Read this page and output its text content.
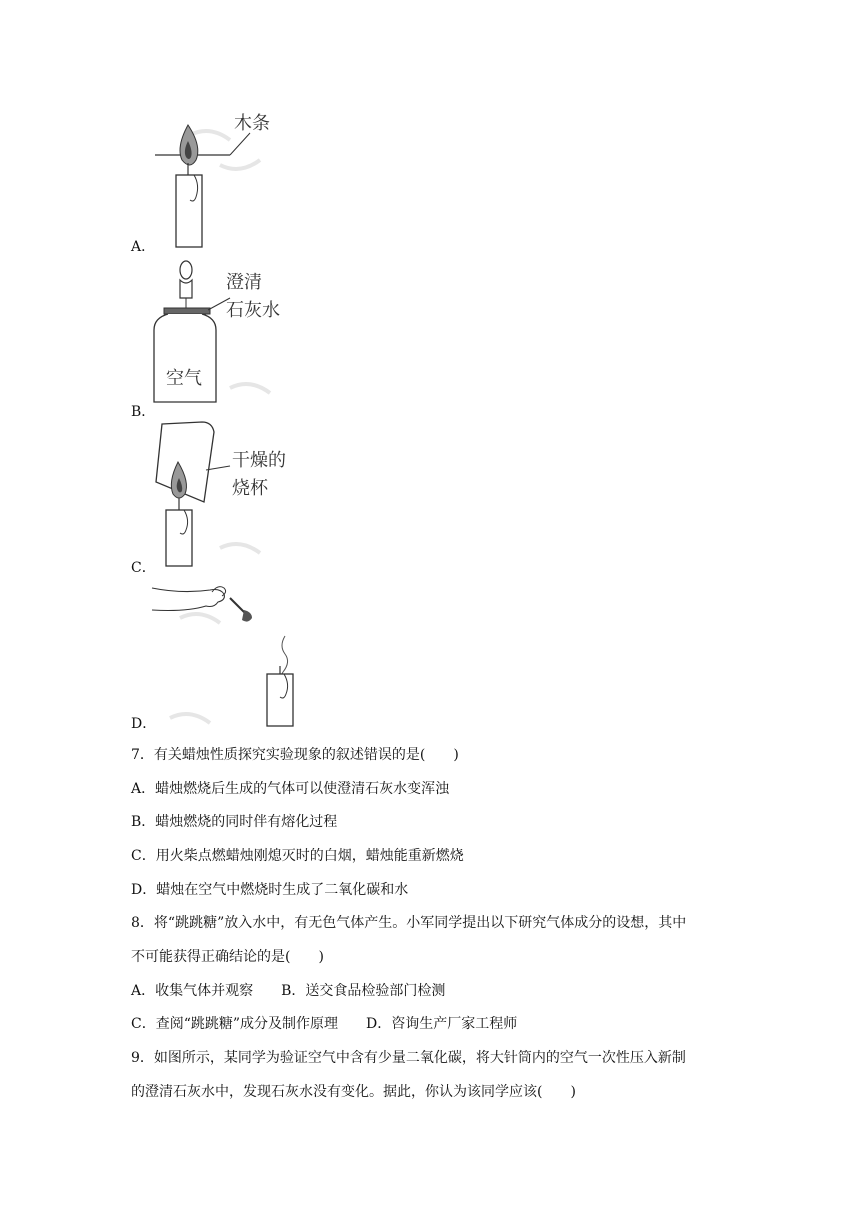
A．
木条
B．
澄清
石灰水
空气
C．
干燥的
烧杯
D．
7．有关蜡烛性质探究实验现象的叙述错误的是(　　)
A．蜡烛燃烧后生成的气体可以使澄清石灰水变浑浊
B．蜡烛燃烧的同时伴有熔化过程
C．用火柴点燃蜡烛刚熄灭时的白烟，蜡烛能重新燃烧
D．蜡烛在空气中燃烧时生成了二氧化碳和水
8．将“跳跳糖”放入水中，有无色气体产生。小军同学提出以下研究气体成分的设想，其中
不可能获得正确结论的是(　　)
A．收集气体并观察　　B．送交食品检验部门检测
C．查阅“跳跳糖”成分及制作原理　　D．咨询生产厂家工程师
9．如图所示，某同学为验证空气中含有少量二氧化碳，将大针筒内的空气一次性压入新制
的澄清石灰水中，发现石灰水没有变化。据此，你认为该同学应该(　　)
